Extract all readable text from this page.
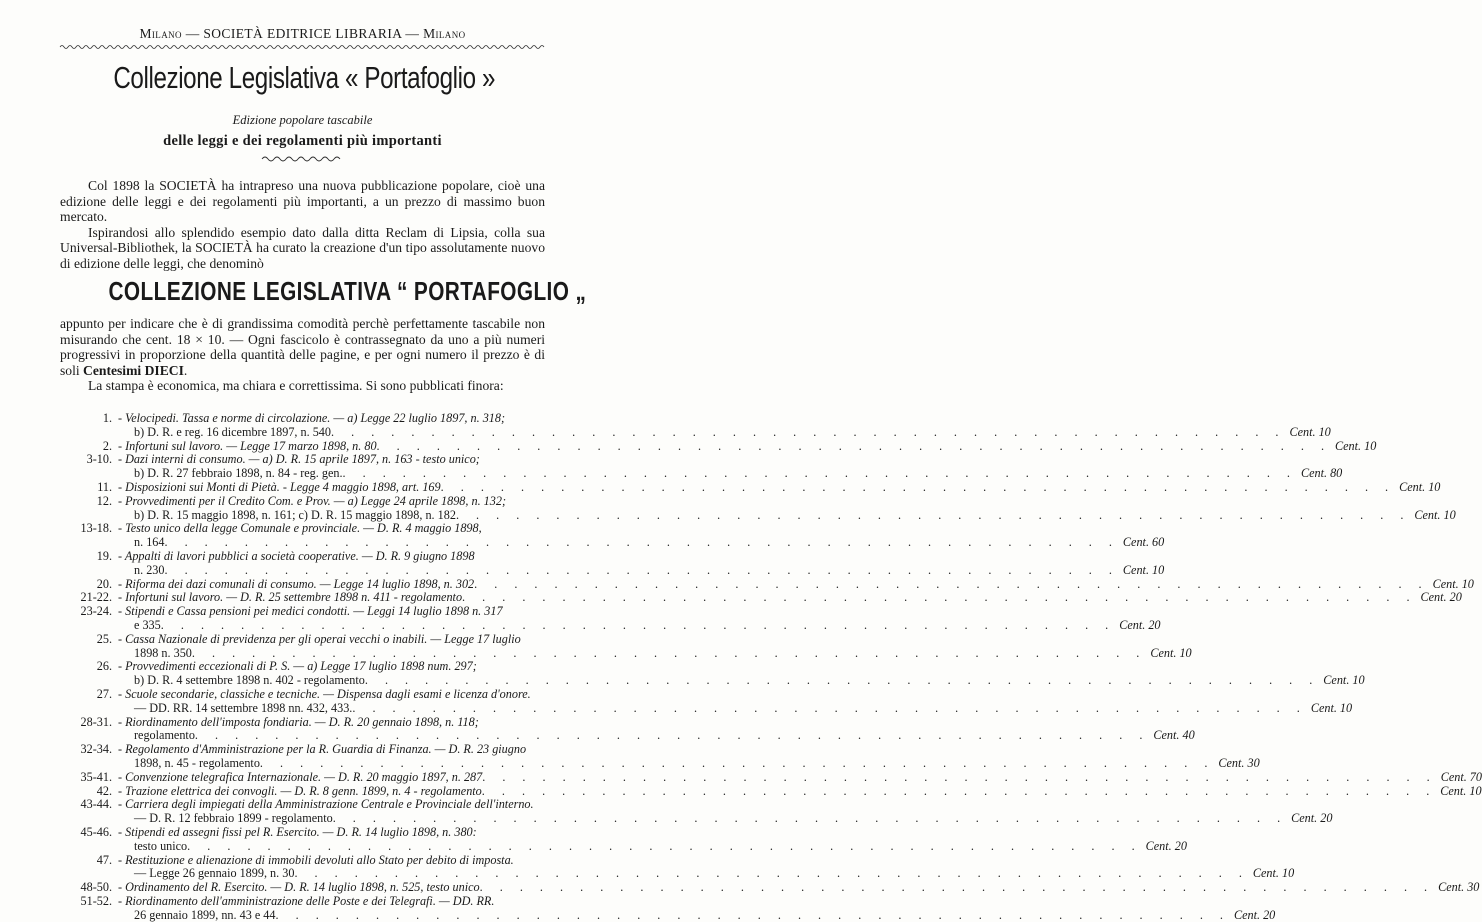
Milano — SOCIETÀ EDITRICE LIBRARIA — Milano
Collezione Legislativa « Portafoglio »
Edizione popolare tascabile
delle leggi e dei regolamenti più importanti

Col 1898 la SOCIETÀ ha intrapreso una nuova pubblicazione popolare, cioè una edizione delle leggi e dei regolamenti più importanti, a un prezzo di massimo buon mercato.

Ispirandosi allo splendido esempio dato dalla ditta Reclam di Lipsia, colla sua Universal-Bibliothek, la SOCIETÀ ha curato la creazione d'un tipo assolutamente nuovo di edizione delle leggi, che denominò

COLLEZIONE LEGISLATIVA “ PORTAFOGLIO „

appunto per indicare che è di grandissima comodità perchè perfettamente tascabile non misurando che cent. 18 × 10. — Ogni fascicolo è contrassegnato da uno a più numeri progressivi in proporzione della quantità delle pagine, e per ogni numero il prezzo è di soli Centesimi DIECI.

La stampa è economica, ma chiara e correttissima. Si sono pubblicati finora:

1. - Velocipedi. Tassa e norme di circolazione. — a) Legge 22 luglio 1897, n. 318;
b) D. R. e reg. 16 dicembre 1897, n. 540 . . . . . . . . . . . . . . . . . . . . . . . . . . . . . . . . . . . . . . . . . . . . . . . . Cent. 10
2. - Infortuni sul lavoro. — Legge 17 marzo 1898, n. 80 . . . . . . . . . . . . . . . . . . . . . . . . . . . . . . . . . . . . . . . . . . . . . . . . Cent. 10
3-10. - Dazi interni di consumo. — a) D. R. 15 aprile 1897, n. 163 - testo unico;
b) D. R. 27 febbraio 1898, n. 84 - reg. gen. . . . . . . . . . . . . . . . . . . . . . . . . . . . . . . . . . . . . . . . . . . . . . . . . Cent. 80
11. - Disposizioni sui Monti di Pietà. - Legge 4 maggio 1898, art. 169 . . . . . . . . . . . . . . . . . . . . . . . . . . . . . . . . . . . . . . . . . . . . . . . . Cent. 10
12. - Provvedimenti per il Credito Com. e Prov. — a) Legge 24 aprile 1898, n. 132;
b) D. R. 15 maggio 1898, n. 161; c) D. R. 15 maggio 1898, n. 182 . . . . . . . . . . . . . . . . . . . . . . . . . . . . . . . . . . . . . . . . . . . . . . . . Cent. 10
13-18. - Testo unico della legge Comunale e provinciale. — D. R. 4 maggio 1898,
n. 164 . . . . . . . . . . . . . . . . . . . . . . . . . . . . . . . . . . . . . . . . . . . . . . . . Cent. 60
19. - Appalti di lavori pubblici a società cooperative. — D. R. 9 giugno 1898
n. 230 . . . . . . . . . . . . . . . . . . . . . . . . . . . . . . . . . . . . . . . . . . . . . . . . Cent. 10
20. - Riforma dei dazi comunali di consumo. — Legge 14 luglio 1898, n. 302 . . . . . . . . . . . . . . . . . . . . . . . . . . . . . . . . . . . . . . . . . . . . . . . . Cent. 10
21-22. - Infortuni sul lavoro. — D. R. 25 settembre 1898 n. 411 - regolamento . . . . . . . . . . . . . . . . . . . . . . . . . . . . . . . . . . . . . . . . . . . . . . . . Cent. 20
23-24. - Stipendi e Cassa pensioni pei medici condotti. — Leggi 14 luglio 1898 n. 317
e 335 . . . . . . . . . . . . . . . . . . . . . . . . . . . . . . . . . . . . . . . . . . . . . . . . Cent. 20
25. - Cassa Nazionale di previdenza per gli operai vecchi o inabili. — Legge 17 luglio
1898 n. 350 . . . . . . . . . . . . . . . . . . . . . . . . . . . . . . . . . . . . . . . . . . . . . . . . Cent. 10
26. - Provvedimenti eccezionali di P. S. — a) Legge 17 luglio 1898 num. 297;
b) D. R. 4 settembre 1898 n. 402 - regolamento . . . . . . . . . . . . . . . . . . . . . . . . . . . . . . . . . . . . . . . . . . . . . . . . Cent. 10
27. - Scuole secondarie, classiche e tecniche. — Dispensa dagli esami e licenza d'onore.
— DD. RR. 14 settembre 1898 nn. 432, 433. . . . . . . . . . . . . . . . . . . . . . . . . . . . . . . . . . . . . . . . . . . . . . . . . Cent. 10
28-31. - Riordinamento dell'imposta fondiaria. — D. R. 20 gennaio 1898, n. 118;
regolamento . . . . . . . . . . . . . . . . . . . . . . . . . . . . . . . . . . . . . . . . . . . . . . . . Cent. 40
32-34. - Regolamento d'Amministrazione per la R. Guardia di Finanza. — D. R. 23 giugno
1898, n. 45 - regolamento . . . . . . . . . . . . . . . . . . . . . . . . . . . . . . . . . . . . . . . . . . . . . . . . Cent. 30
35-41. - Convenzione telegrafica Internazionale. — D. R. 20 maggio 1897, n. 287 . . . . . . . . . . . . . . . . . . . . . . . . . . . . . . . . . . . . . . . . . . . . . . . . Cent. 70
42. - Trazione elettrica dei convogli. — D. R. 8 genn. 1899, n. 4 - regolamento . . . . . . . . . . . . . . . . . . . . . . . . . . . . . . . . . . . . . . . . . . . . . . . . Cent. 10
43-44. - Carriera degli impiegati della Amministrazione Centrale e Provinciale dell'interno.
— D. R. 12 febbraio 1899 - regolamento . . . . . . . . . . . . . . . . . . . . . . . . . . . . . . . . . . . . . . . . . . . . . . . . Cent. 20
45-46. - Stipendi ed assegni fissi pel R. Esercito. — D. R. 14 luglio 1898, n. 380:
testo unico . . . . . . . . . . . . . . . . . . . . . . . . . . . . . . . . . . . . . . . . . . . . . . . . Cent. 20
47. - Restituzione e alienazione di immobili devoluti allo Stato per debito di imposta.
— Legge 26 gennaio 1899, n. 30 . . . . . . . . . . . . . . . . . . . . . . . . . . . . . . . . . . . . . . . . . . . . . . . . Cent. 10
48-50. - Ordinamento del R. Esercito. — D. R. 14 luglio 1898, n. 525, testo unico . . . . . . . . . . . . . . . . . . . . . . . . . . . . . . . . . . . . . . . . . . . . . . . . Cent. 30
51-52. - Riordinamento dell'amministrazione delle Poste e dei Telegrafi. — DD. RR.
26 gennaio 1899, nn. 43 e 44 . . . . . . . . . . . . . . . . . . . . . . . . . . . . . . . . . . . . . . . . . . . . . . . . Cent. 20
